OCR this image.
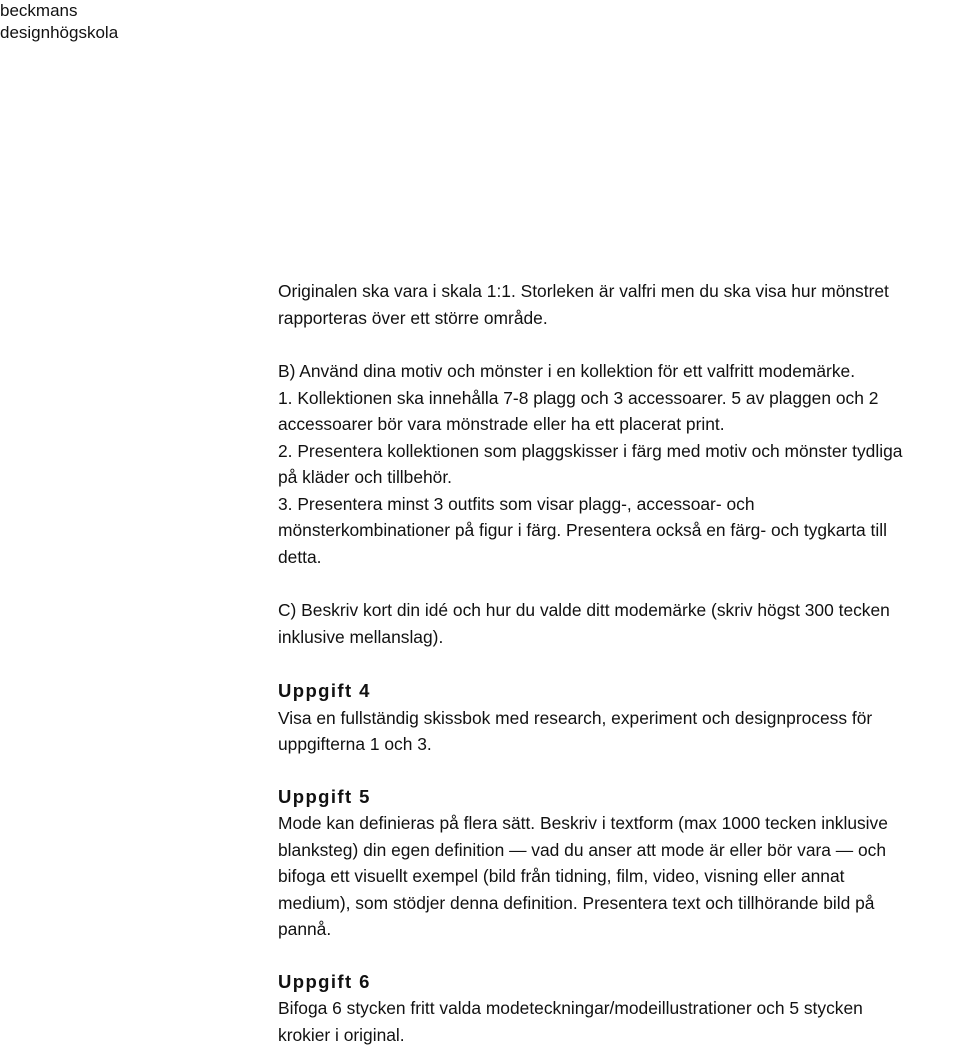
beckmans
designhögskola

Originalen ska vara i skala 1:1. Storleken är valfri men du ska visa hur mönstret
rapporteras över ett större område.

B) Använd dina motiv och mönster i en kollektion för ett valfritt modemärke.
1. Kollektionen ska innehålla 7-8 plagg och 3 accessoarer. 5 av plaggen och 2
accessoarer bör vara mönstrade eller ha ett placerat print.
2. Presentera kollektionen som plaggskisser i färg med motiv och mönster tydliga
på kläder och tillbehör.
3. Presentera minst 3 outfits som visar plagg-, accessoar- och
mönsterkombinationer på figur i färg. Presentera också en färg- och tygkarta till
detta.

C) Beskriv kort din idé och hur du valde ditt modemärke (skriv högst 300 tecken
inklusive mellanslag).

Uppgift 4

Visa en fullständig skissbok med research, experiment och designprocess för
uppgifterna 1 och 3.

Uppgift 5

Mode kan definieras på flera sätt. Beskriv i textform (max 1000 tecken inklusive
blanksteg) din egen definition — vad du anser att mode är eller bör vara — och
bifoga ett visuellt exempel (bild från tidning, film, video, visning eller annat
medium), som stödjer denna definition. Presentera text och tillhörande bild på
pannå.

Uppgift 6

Bifoga 6 stycken fritt valda modeteckningar/modeillustrationer och 5 stycken
krokier i original.
